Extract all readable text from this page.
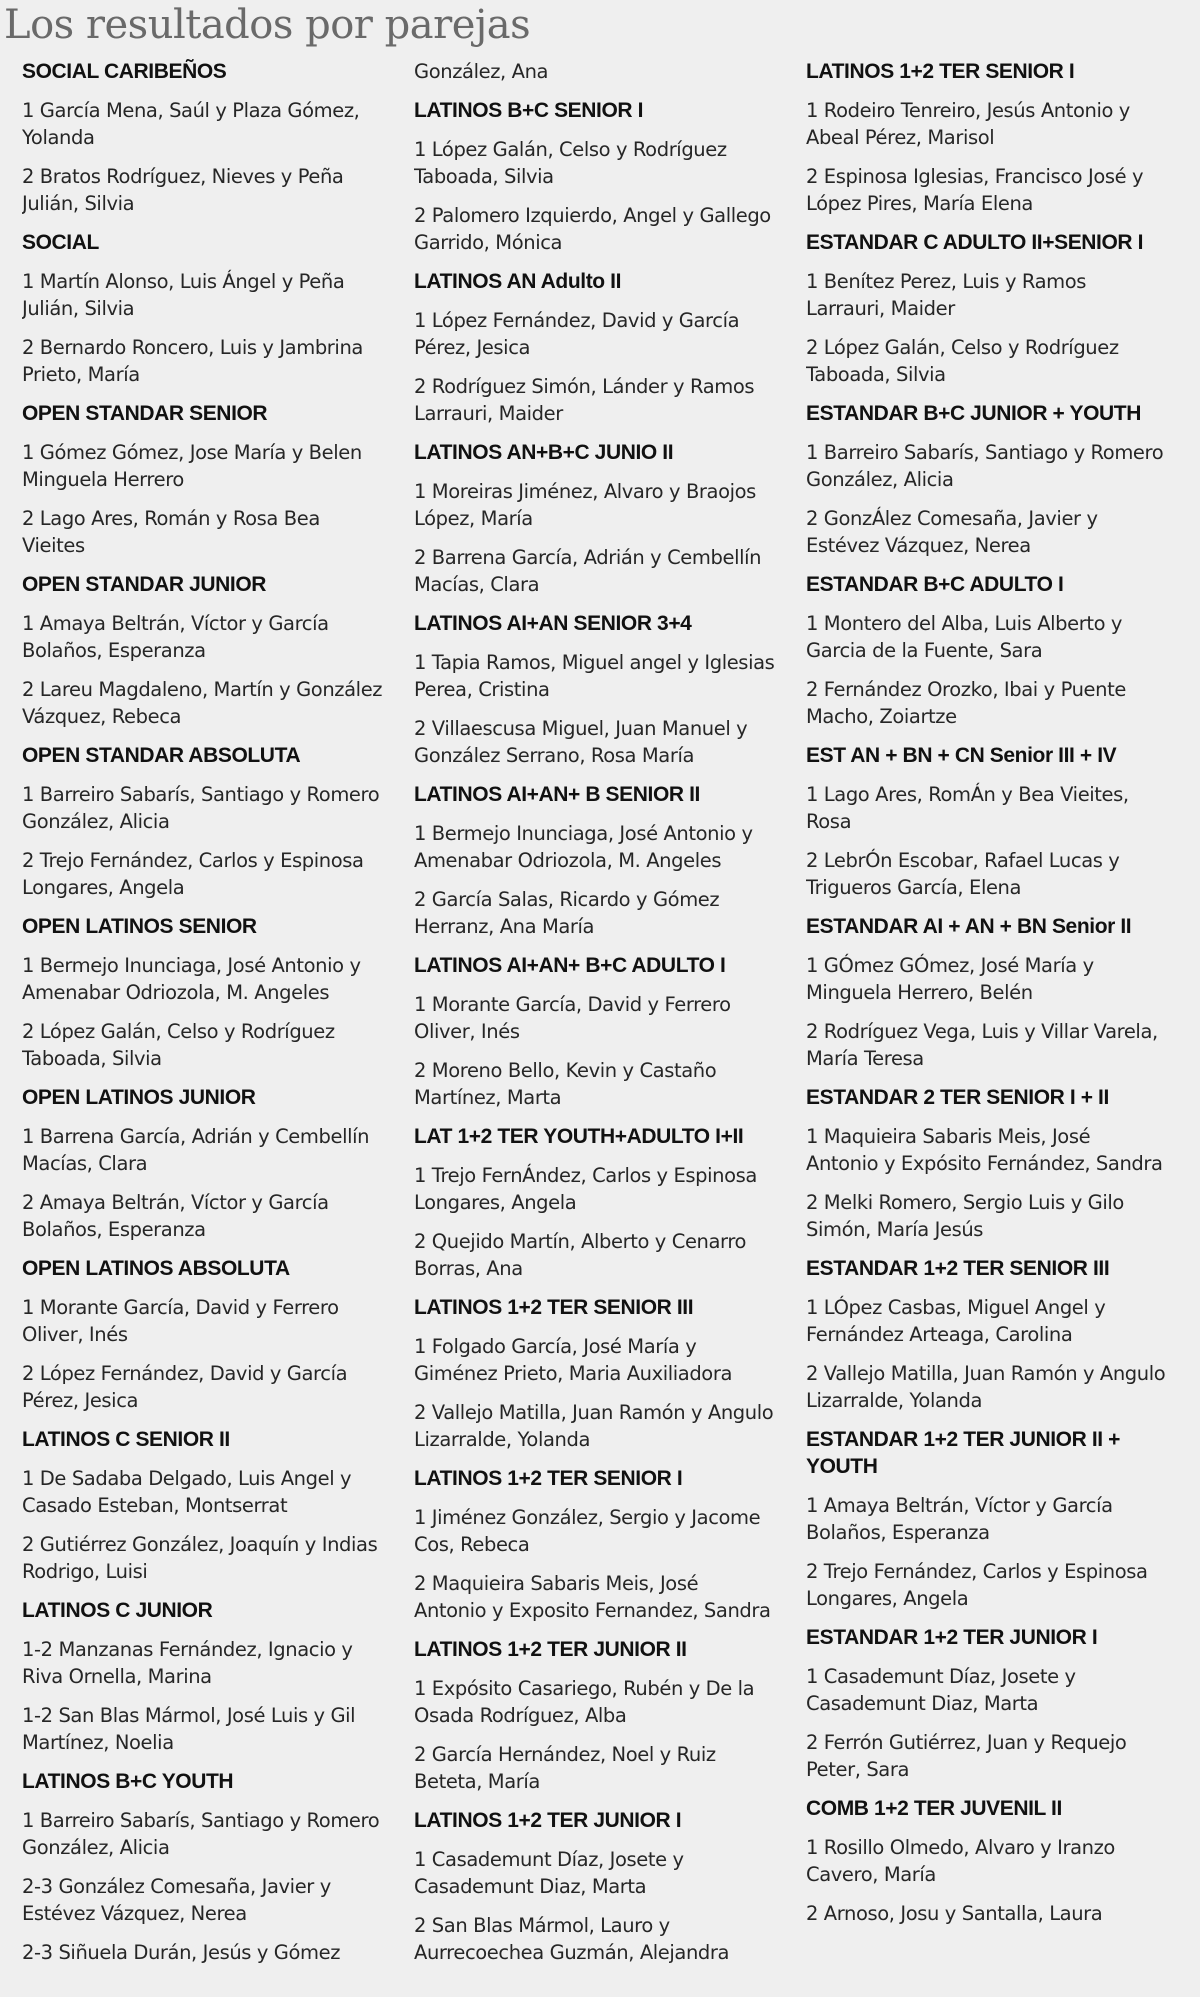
Los resultados por parejas

SOCIAL CARIBEÑOS

1 García Mena, Saúl y Plaza Gómez, Yolanda

2 Bratos Rodríguez, Nieves y Peña Julián, Silvia

SOCIAL

1 Martín Alonso, Luis Ángel y Peña Julián, Silvia

2 Bernardo Roncero, Luis y Jambrina Prieto, María

OPEN STANDAR SENIOR

1 Gómez Gómez, Jose María y Belen Minguela Herrero

2 Lago Ares, Román y Rosa Bea Vieites

OPEN STANDAR JUNIOR

1 Amaya Beltrán, Víctor y García Bolaños, Esperanza

2 Lareu Magdaleno, Martín y González Vázquez, Rebeca

OPEN STANDAR ABSOLUTA

1 Barreiro Sabarís, Santiago y Romero González, Alicia

2 Trejo Fernández, Carlos y Espinosa Longares, Angela

OPEN LATINOS SENIOR

1 Bermejo Inunciaga, José Antonio y Amenabar Odriozola, M. Angeles

2 López Galán, Celso y Rodríguez Taboada, Silvia

OPEN LATINOS JUNIOR

1 Barrena García, Adrián y Cembellín Macías, Clara

2 Amaya Beltrán, Víctor y García Bolaños, Esperanza

OPEN LATINOS ABSOLUTA

1 Morante García, David y Ferrero Oliver, Inés

2 López Fernández, David y García Pérez, Jesica

LATINOS C SENIOR II

1 De Sadaba Delgado, Luis Angel y Casado Esteban, Montserrat

2 Gutiérrez González, Joaquín y Indias Rodrigo, Luisi

LATINOS C JUNIOR

1-2 Manzanas Fernández, Ignacio y Riva Ornella, Marina

1-2 San Blas Mármol, José Luis y Gil Martínez, Noelia

LATINOS B+C YOUTH

1 Barreiro Sabarís, Santiago y Romero González, Alicia

2-3 González Comesaña, Javier y Estévez Vázquez, Nerea

2-3 Siñuela Durán, Jesús y Gómez

González, Ana

LATINOS B+C SENIOR I

1 López Galán, Celso y Rodríguez Taboada, Silvia

2 Palomero Izquierdo, Angel y Gallego Garrido, Mónica

LATINOS AN Adulto II

1 López Fernández, David y García Pérez, Jesica

2 Rodríguez Simón, Lánder y Ramos Larrauri, Maider

LATINOS AN+B+C JUNIO II

1 Moreiras Jiménez, Alvaro y Braojos López, María

2 Barrena García, Adrián y Cembellín Macías, Clara

LATINOS AI+AN SENIOR 3+4

1 Tapia Ramos, Miguel angel y Iglesias Perea, Cristina

2 Villaescusa Miguel, Juan Manuel y González Serrano, Rosa María

LATINOS AI+AN+ B SENIOR II

1 Bermejo Inunciaga, José Antonio y Amenabar Odriozola, M. Angeles

2 García Salas, Ricardo y Gómez Herranz, Ana María

LATINOS AI+AN+ B+C ADULTO I

1 Morante García, David y Ferrero Oliver, Inés

2 Moreno Bello, Kevin y Castaño Martínez, Marta

LAT 1+2 TER YOUTH+ADULTO I+II

1 Trejo FernÁndez, Carlos y Espinosa Longares, Angela

2 Quejido Martín, Alberto y Cenarro Borras, Ana

LATINOS 1+2 TER SENIOR III

1 Folgado García, José María y Giménez Prieto, Maria Auxiliadora

2 Vallejo Matilla, Juan Ramón y Angulo Lizarralde, Yolanda

LATINOS 1+2 TER SENIOR I

1 Jiménez González, Sergio y Jacome Cos, Rebeca

2 Maquieira Sabaris Meis, José Antonio y Exposito Fernandez, Sandra

LATINOS 1+2 TER JUNIOR II

1 Expósito Casariego, Rubén y De la Osada Rodríguez, Alba

2 García Hernández, Noel y Ruiz Beteta, María

LATINOS 1+2 TER JUNIOR I

1 Casademunt Díaz, Josete y Casademunt Diaz, Marta

2 San Blas Mármol, Lauro y Aurrecoechea Guzmán, Alejandra

LATINOS 1+2 TER SENIOR I

1 Rodeiro Tenreiro, Jesús Antonio y Abeal Pérez, Marisol

2 Espinosa Iglesias, Francisco José y López Pires, María Elena

ESTANDAR C ADULTO II+SENIOR I

1 Benítez Perez, Luis y Ramos Larrauri, Maider

2 López Galán, Celso y Rodríguez Taboada, Silvia

ESTANDAR B+C JUNIOR + YOUTH

1 Barreiro Sabarís, Santiago y Romero González, Alicia

2 GonzÁlez Comesaña, Javier y Estévez Vázquez, Nerea

ESTANDAR B+C ADULTO I

1 Montero del Alba, Luis Alberto y Garcia de la Fuente, Sara

2 Fernández Orozko, Ibai y Puente Macho, Zoiartze

EST AN + BN + CN Senior III + IV

1 Lago Ares, RomÁn y Bea Vieites, Rosa

2 LebrÓn Escobar, Rafael Lucas y Trigueros García, Elena

ESTANDAR AI + AN + BN Senior II

1 GÓmez GÓmez, José María y Minguela Herrero, Belén

2 Rodríguez Vega, Luis y Villar Varela, María Teresa

ESTANDAR 2 TER SENIOR I + II

1 Maquieira Sabaris Meis, José Antonio y Expósito Fernández, Sandra

2 Melki Romero, Sergio Luis y Gilo Simón, María Jesús

ESTANDAR 1+2 TER SENIOR III

1 LÓpez Casbas, Miguel Angel y Fernández Arteaga, Carolina

2 Vallejo Matilla, Juan Ramón y Angulo Lizarralde, Yolanda

ESTANDAR 1+2 TER JUNIOR II + YOUTH

1 Amaya Beltrán, Víctor y García Bolaños, Esperanza

2 Trejo Fernández, Carlos y Espinosa Longares, Angela

ESTANDAR 1+2 TER JUNIOR I

1 Casademunt Díaz, Josete y Casademunt Diaz, Marta

2 Ferrón Gutiérrez, Juan y Requejo Peter, Sara

COMB 1+2 TER JUVENIL II

1 Rosillo Olmedo, Alvaro y Iranzo Cavero, María

2 Arnoso, Josu y Santalla, Laura
